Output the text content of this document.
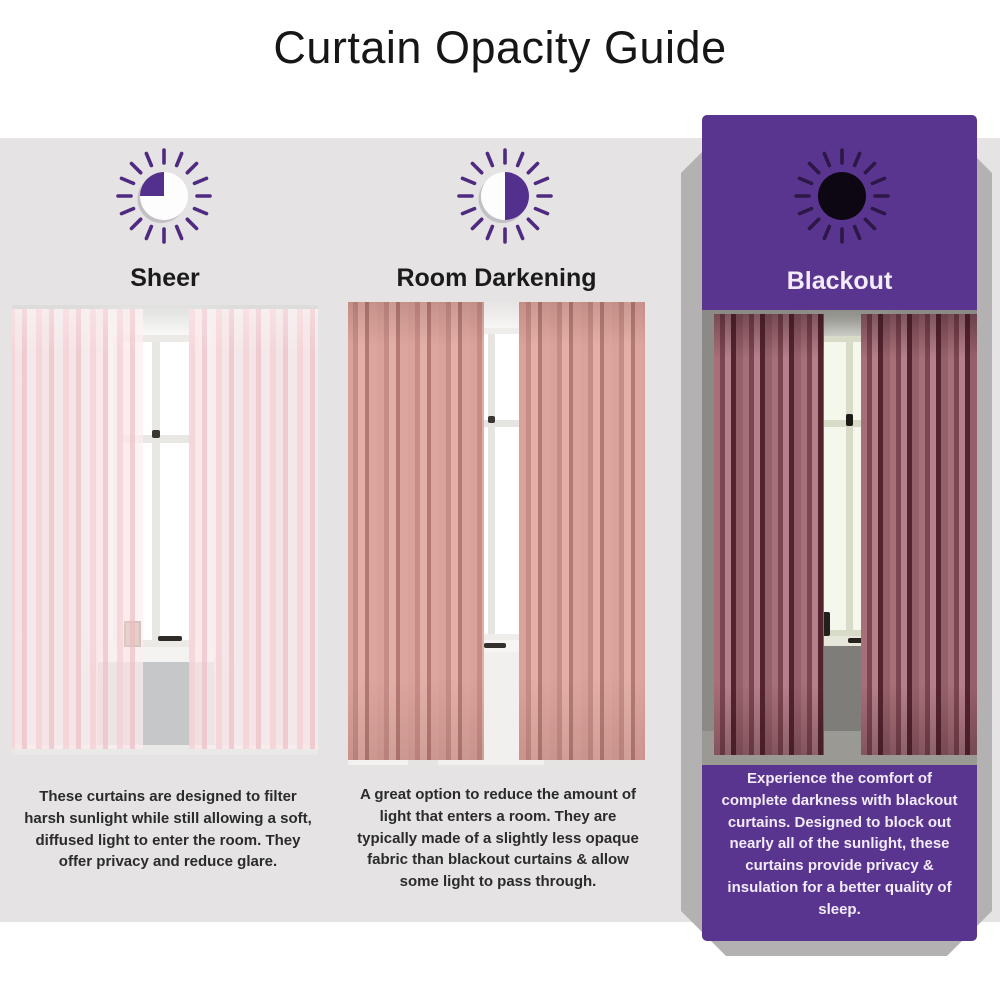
Curtain Opacity Guide
Sheer

These curtains are designed to filter harsh sunlight while still allowing a soft, diffused light to enter the room. They offer privacy and reduce glare.

Room Darkening

A great option to reduce the amount of light that enters a room. They are typically made of a slightly less opaque fabric than blackout curtains & allow some light to pass through.

Blackout

Experience the comfort of complete darkness with blackout curtains. Designed to block out nearly all of the sunlight, these curtains provide privacy & insulation for a better quality of sleep.
